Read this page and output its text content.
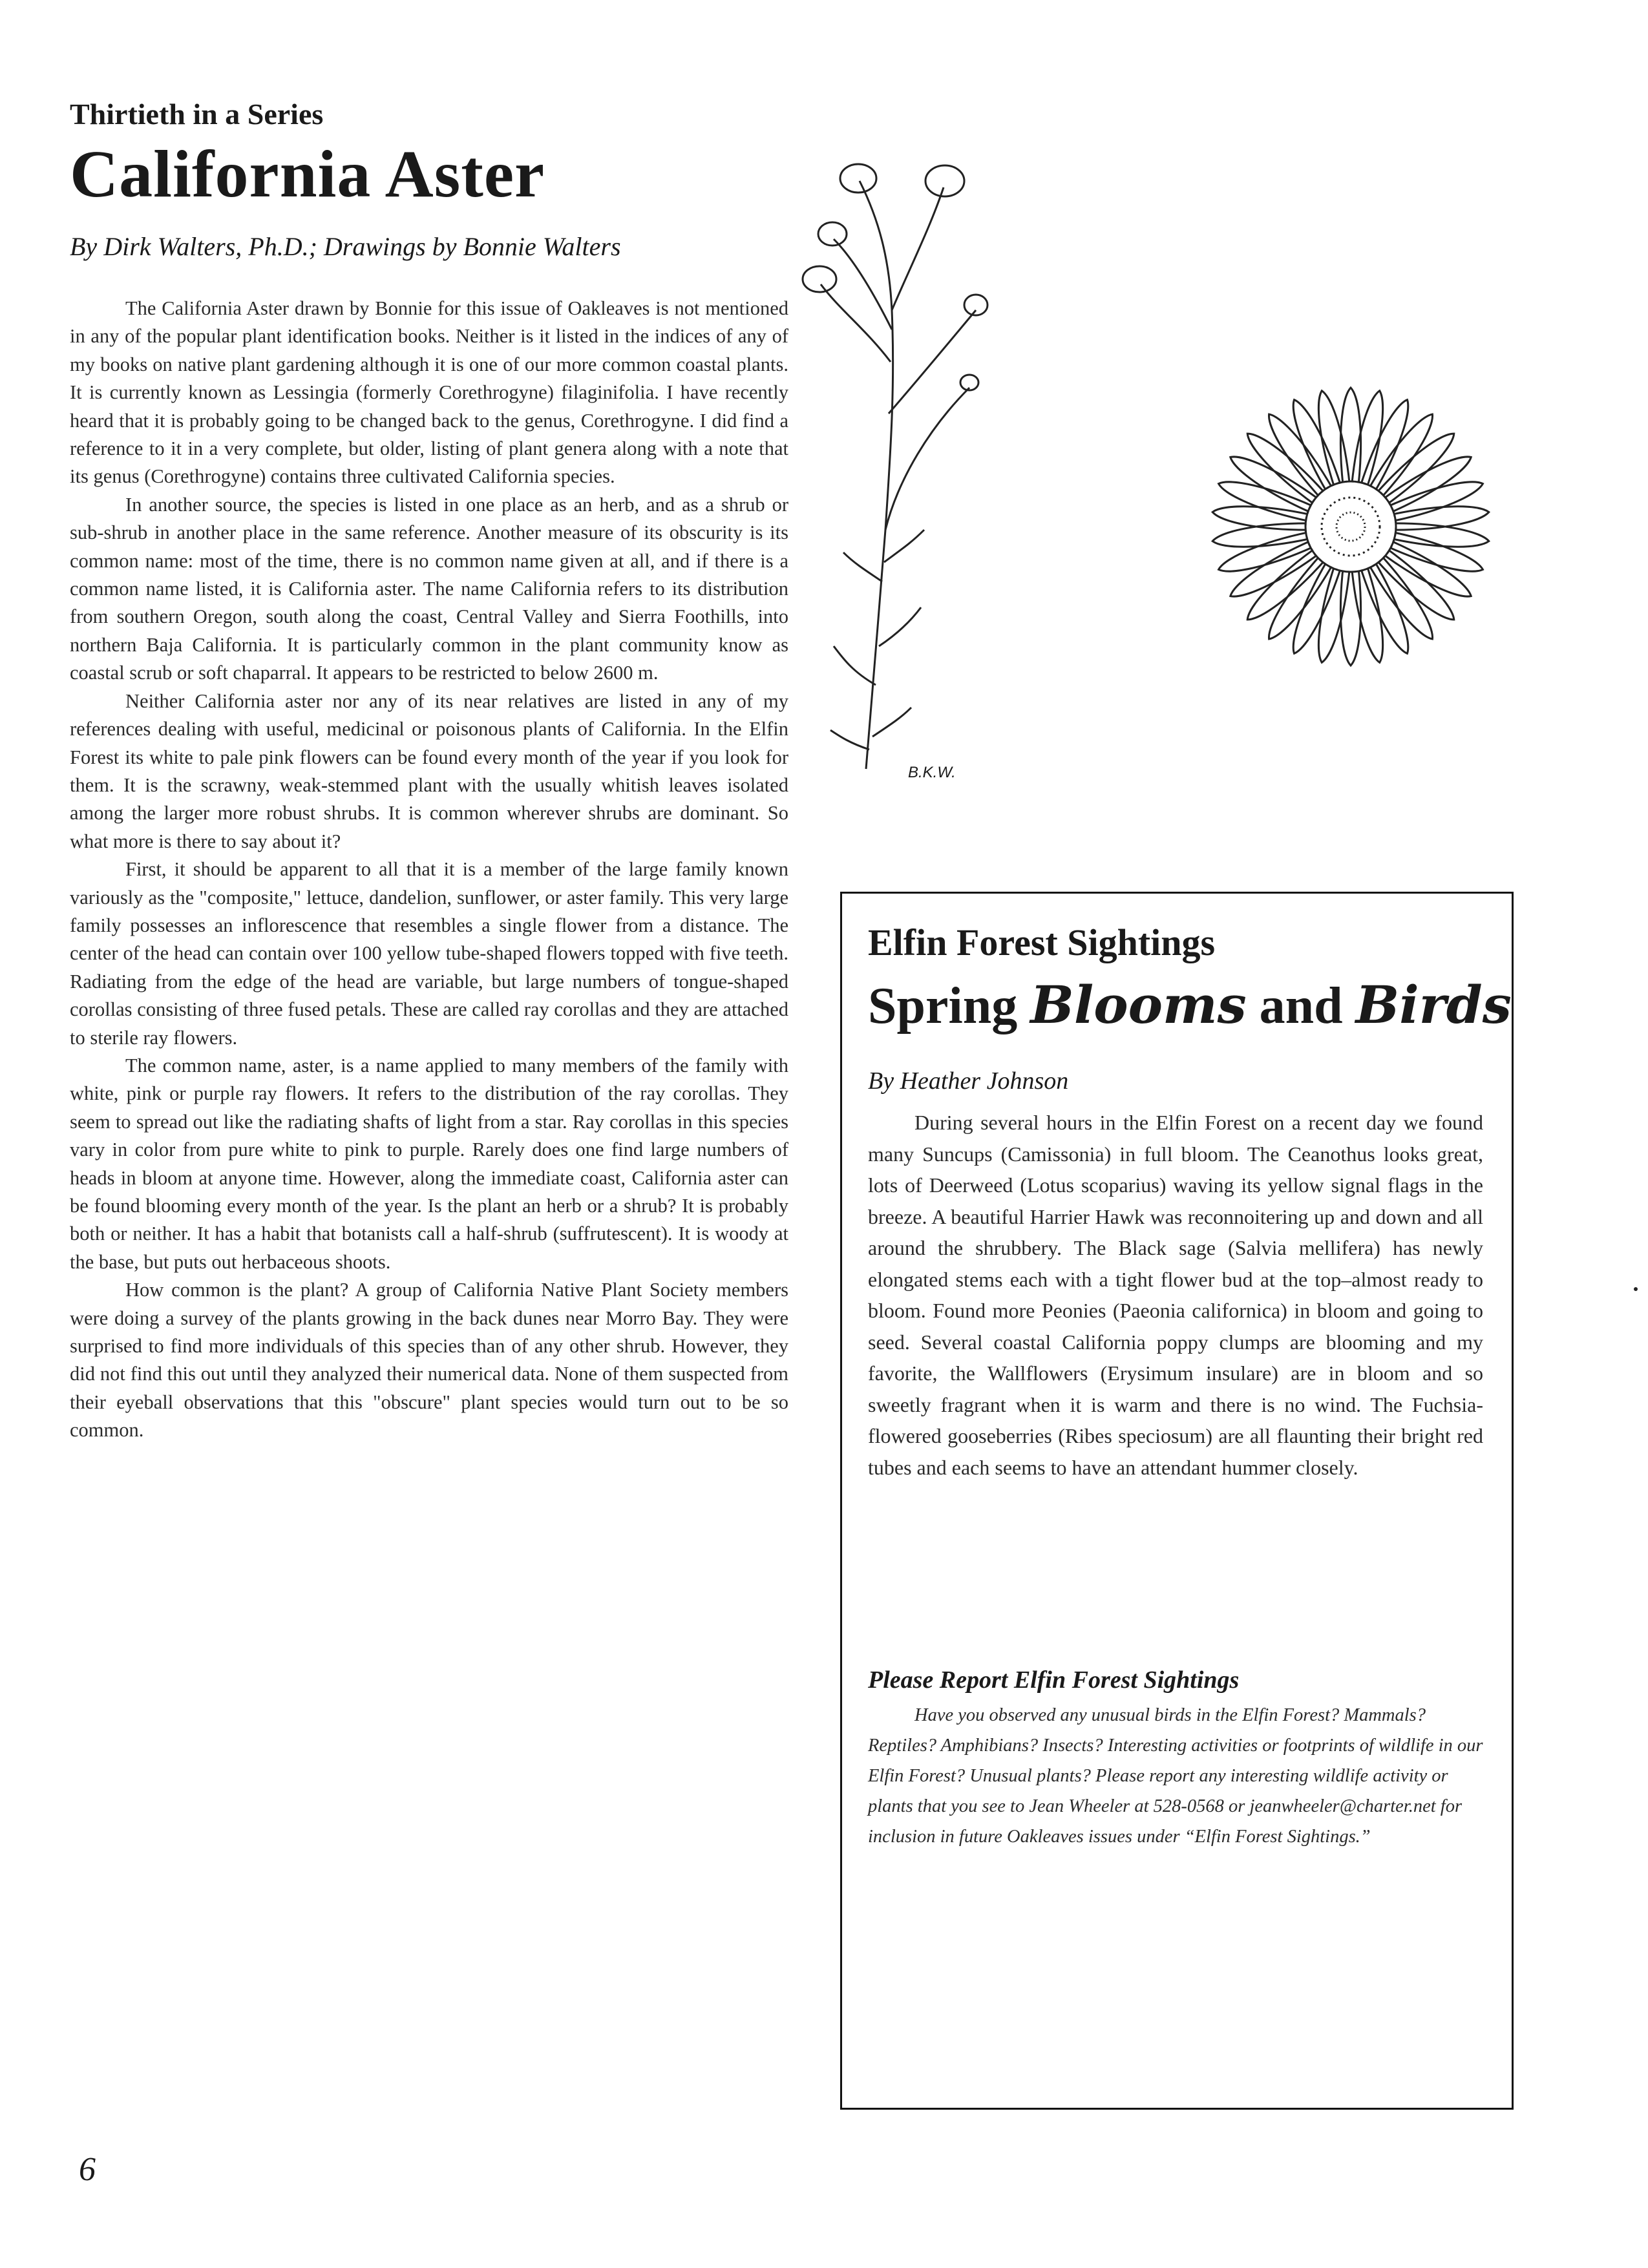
Thirtieth in a Series
California Aster
By Dirk Walters, Ph.D.; Drawings by Bonnie Walters

The California Aster drawn by Bonnie for this issue of Oakleaves is not mentioned in any of the popular plant identification books. Neither is it listed in the indices of any of my books on native plant gardening although it is one of our more common coastal plants. It is currently known as Lessingia (formerly Corethrogyne) filaginifolia. I have recently heard that it is probably going to be changed back to the genus, Corethrogyne. I did find a reference to it in a very complete, but older, listing of plant genera along with a note that its genus (Corethrogyne) contains three cultivated California species.

In another source, the species is listed in one place as an herb, and as a shrub or sub-shrub in another place in the same reference. Another measure of its obscurity is its common name: most of the time, there is no common name given at all, and if there is a common name listed, it is California aster. The name California refers to its distribution from southern Oregon, south along the coast, Central Valley and Sierra Foothills, into northern Baja California. It is particularly common in the plant community know as coastal scrub or soft chaparral. It appears to be restricted to below 2600 m.

Neither California aster nor any of its near relatives are listed in any of my references dealing with useful, medicinal or poisonous plants of California. In the Elfin Forest its white to pale pink flowers can be found every month of the year if you look for them. It is the scrawny, weak-stemmed plant with the usually whitish leaves isolated among the larger more robust shrubs. It is common wherever shrubs are dominant. So what more is there to say about it?

First, it should be apparent to all that it is a member of the large family known variously as the "composite," lettuce, dandelion, sunflower, or aster family. This very large family possesses an inflorescence that resembles a single flower from a distance. The center of the head can contain over 100 yellow tube-shaped flowers topped with five teeth. Radiating from the edge of the head are variable, but large numbers of tongue-shaped corollas consisting of three fused petals. These are called ray corollas and they are attached to sterile ray flowers.

The common name, aster, is a name applied to many members of the family with white, pink or purple ray flowers. It refers to the distribution of the ray corollas. They seem to spread out like the radiating shafts of light from a star. Ray corollas in this species vary in color from pure white to pink to purple. Rarely does one find large numbers of heads in bloom at anyone time. However, along the immediate coast, California aster can be found blooming every month of the year. Is the plant an herb or a shrub? It is probably both or neither. It has a habit that botanists call a half-shrub (suffrutescent). It is woody at the base, but puts out herbaceous shoots.

How common is the plant? A group of California Native Plant Society members were doing a survey of the plants growing in the back dunes near Morro Bay. They were surprised to find more individuals of this species than of any other shrub. However, they did not find this out until they analyzed their numerical data. None of them suspected from their eyeball observations that this "obscure" plant species would turn out to be so common.

6
B.K.W.
Elfin Forest Sightings
Spring Blooms and Birds
By Heather Johnson

During several hours in the Elfin Forest on a recent day we found many Suncups (Camissonia) in full bloom. The Ceanothus looks great, lots of Deerweed (Lotus scoparius) waving its yellow signal flags in the breeze. A beautiful Harrier Hawk was reconnoitering up and down and all around the shrubbery. The Black sage (Salvia mellifera) has newly elongated stems each with a tight flower bud at the top–almost ready to bloom. Found more Peonies (Paeonia californica) in bloom and going to seed. Several coastal California poppy clumps are blooming and my favorite, the Wallflowers (Erysimum insulare) are in bloom and so sweetly fragrant when it is warm and there is no wind. The Fuchsia-flowered gooseberries (Ribes speciosum) are all flaunting their bright red tubes and each seems to have an attendant hummer closely.

Please Report Elfin Forest Sightings

Have you observed any unusual birds in the Elfin Forest? Mammals? Reptiles? Amphibians? Insects? Interesting activities or footprints of wildlife in our Elfin Forest? Unusual plants? Please report any interesting wildlife activity or plants that you see to Jean Wheeler at 528-0568 or jeanwheeler@charter.net for inclusion in future Oakleaves issues under “Elfin Forest Sightings.”
